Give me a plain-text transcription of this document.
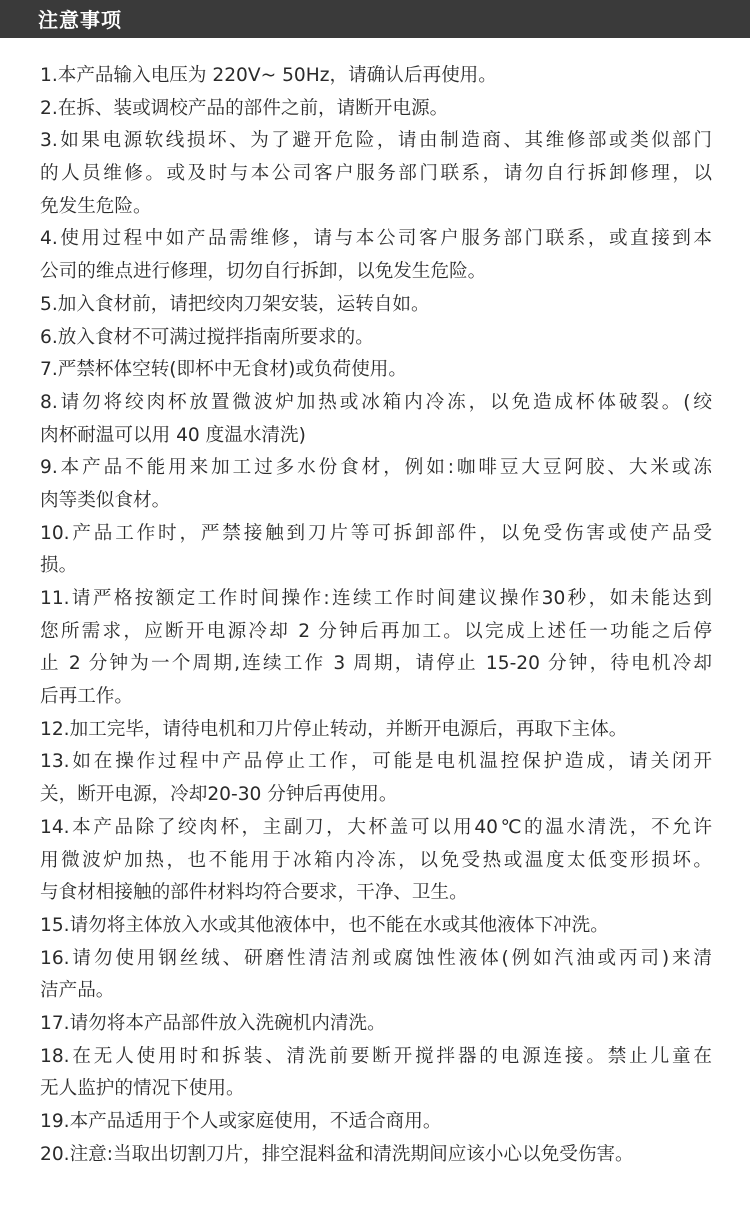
注意事项
1.本产品输入电压为 220V~ 50Hz，请确认后再使用。
2.在拆、装或调校产品的部件之前，请断开电源。
3.如果电源软线损坏、为了避开危险，请由制造商、其维修部或类似部门
的人员维修。或及时与本公司客户服务部门联系，请勿自行拆卸修理，以
免发生危险。
4.使用过程中如产品需维修，请与本公司客户服务部门联系，或直接到本
公司的维点进行修理，切勿自行拆卸，以免发生危险。
5.加入食材前，请把绞肉刀架安装，运转自如。
6.放入食材不可满过搅拌指南所要求的。
7.严禁杯体空转(即杯中无食材)或负荷使用。
8.请勿将绞肉杯放置微波炉加热或冰箱内冷冻，以免造成杯体破裂。(绞
肉杯耐温可以用 40 度温水清洗)
9.本产品不能用来加工过多水份食材，例如:咖啡豆大豆阿胶、大米或冻
肉等类似食材。
10.产品工作时，严禁接触到刀片等可拆卸部件，以免受伤害或使产品受
损。
11.请严格按额定工作时间操作:连续工作时间建议操作30秒，如未能达到
您所需求，应断开电源冷却 2 分钟后再加工。以完成上述任一功能之后停
止 2 分钟为一个周期,连续工作 3 周期，请停止 15-20 分钟，待电机冷却
后再工作。
12.加工完毕，请待电机和刀片停止转动，并断开电源后，再取下主体。
13.如在操作过程中产品停止工作，可能是电机温控保护造成，请关闭开
关，断开电源，冷却20-30 分钟后再使用。
14.本产品除了绞肉杯，主副刀，大杯盖可以用40℃的温水清洗，不允许
用微波炉加热，也不能用于冰箱内冷冻，以免受热或温度太低变形损坏。
与食材相接触的部件材料均符合要求，干净、卫生。
15.请勿将主体放入水或其他液体中，也不能在水或其他液体下冲洗。
16.请勿使用钢丝绒、研磨性清洁剂或腐蚀性液体(例如汽油或丙司)来清
洁产品。
17.请勿将本产品部件放入洗碗机内清洗。
18.在无人使用时和拆装、清洗前要断开搅拌器的电源连接。禁止儿童在
无人监护的情况下使用。
19.本产品适用于个人或家庭使用，不适合商用。
20.注意:当取出切割刀片，排空混料盆和清洗期间应该小心以免受伤害。
